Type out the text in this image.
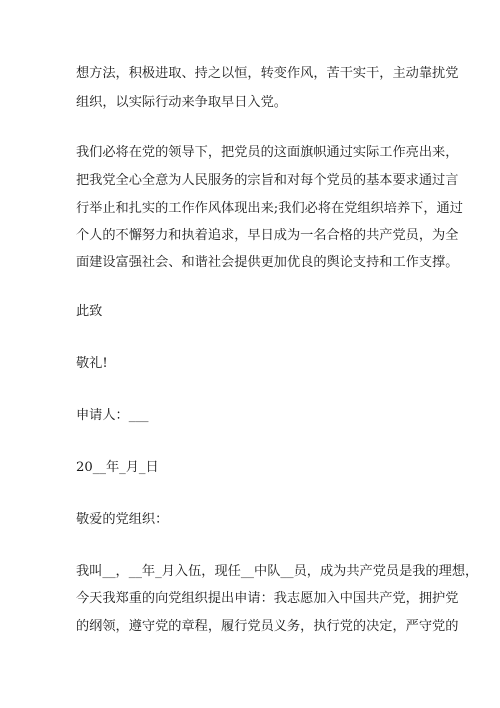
想方法，积极进取、持之以恒，转变作风，苦干实干，主动靠扰党
组织，以实际行动来争取早日入党。
我们必将在党的领导下，把党员的这面旗帜通过实际工作亮出来，
把我党全心全意为人民服务的宗旨和对每个党员的基本要求通过言
行举止和扎实的工作作风体现出来;我们必将在党组织培养下，通过
个人的不懈努力和执着追求，早日成为一名合格的共产党员，为全
面建设富强社会、和谐社会提供更加优良的舆论支持和工作支撑。
此致
敬礼!
申请人：___
20__年_月_日
敬爱的党组织：
我叫__，__年_月入伍，现任__中队__员，成为共产党员是我的理想，
今天我郑重的向党组织提出申请：我志愿加入中国共产党，拥护党
的纲领，遵守党的章程，履行党员义务，执行党的决定，严守党的
